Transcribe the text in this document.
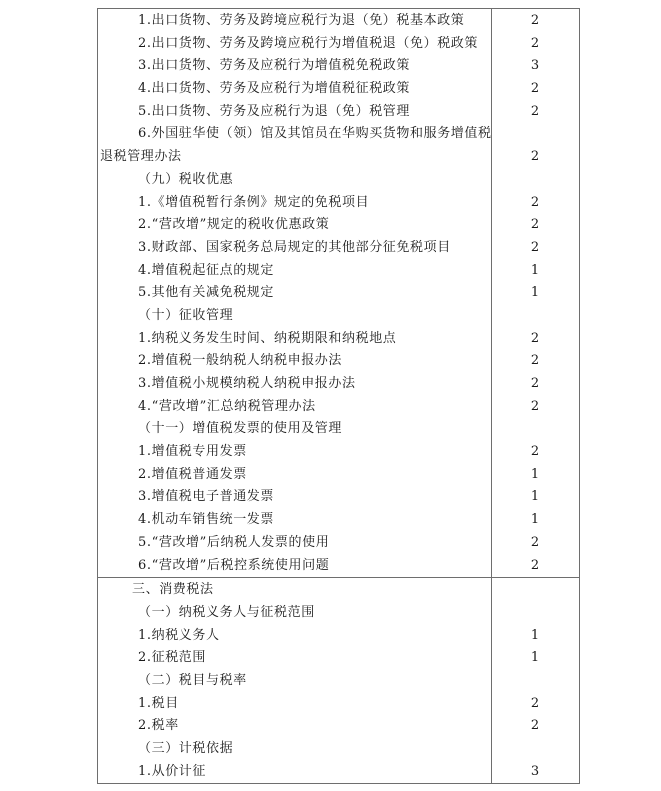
1.出口货物、劳务及跨境应税行为退（免）税基本政策	2
2.出口货物、劳务及跨境应税行为增值税退（免）税政策	2
3.出口货物、劳务及应税行为增值税免税政策	3
4.出口货物、劳务及应税行为增值税征税政策	2
5.出口货物、劳务及应税行为退（免）税管理	2
6.外国驻华使（领）馆及其馆员在华购买货物和服务增值税
退税管理办法	2
（九）税收优惠
1.《增值税暂行条例》规定的免税项目	2
2.“营改增”规定的税收优惠政策	2
3.财政部、国家税务总局规定的其他部分征免税项目	2
4.增值税起征点的规定	1
5.其他有关减免税规定	1
（十）征收管理
1.纳税义务发生时间、纳税期限和纳税地点	2
2.增值税一般纳税人纳税申报办法	2
3.增值税小规模纳税人纳税申报办法	2
4.“营改增”汇总纳税管理办法	2
（十一）增值税发票的使用及管理
1.增值税专用发票	2
2.增值税普通发票	1
3.增值税电子普通发票	1
4.机动车销售统一发票	1
5.“营改增”后纳税人发票的使用	2
6.“营改增”后税控系统使用问题	2
三、消费税法
（一）纳税义务人与征税范围
1.纳税义务人	1
2.征税范围	1
（二）税目与税率
1.税目	2
2.税率	2
（三）计税依据
1.从价计征	3
